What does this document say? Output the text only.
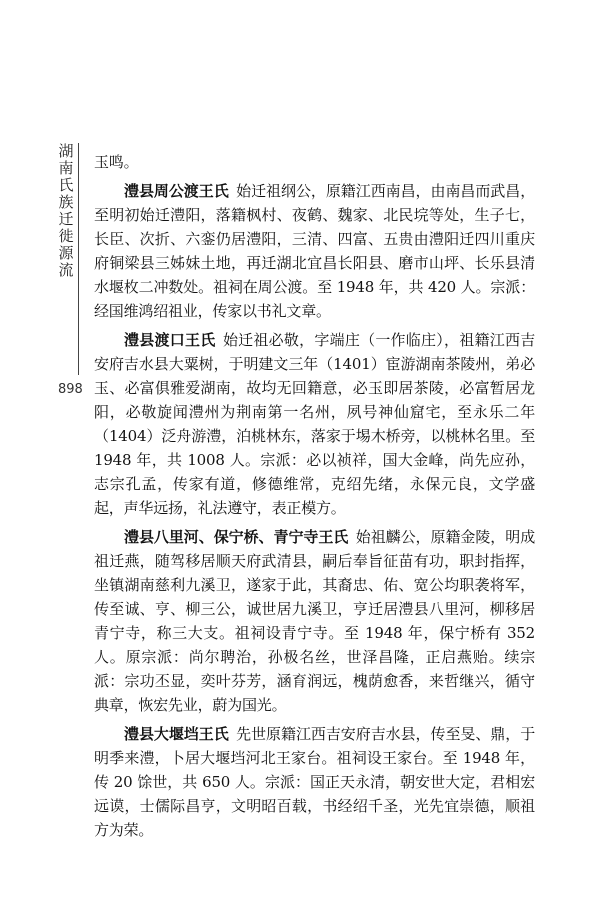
湖南氏族迁徙源流
898

玉鸣。

澧县周公渡王氏 始迁祖纲公，原籍江西南昌，由南昌而武昌，至明初始迁澧阳，落籍枫村、夜鹤、魏家、北民垸等处，生子七，长臣、次折、六銮仍居澧阳，三清、四富、五贵由澧阳迁四川重庆府铜梁县三姊妹土地，再迁湖北宜昌长阳县、磨市山坪、长乐县清水堰枚二冲数处。祖祠在周公渡。至 1948 年，共 420 人。宗派：经国维鸿绍祖业，传家以书礼文章。

澧县渡口王氏 始迁祖必敬，字端庄（一作临庄），祖籍江西吉安府吉水县大粟树，于明建文三年（1401）宦游湖南茶陵州，弟必玉、必富俱雅爱湖南，故均无回籍意，必玉即居茶陵，必富暂居龙阳，必敬旋闻澧州为荆南第一名州，夙号神仙窟宅，至永乐二年（1404）泛舟游澧，泊桃林东，落家于埸木桥旁，以桃林名里。至 1948 年，共 1008 人。宗派：必以祯祥，国大金峰，尚先应孙，志宗孔孟，传家有道，修德维常，克绍先绪，永保元良，文学盛起，声华远扬，礼法遵守，表正模方。

澧县八里河、保宁桥、青宁寺王氏 始祖麟公，原籍金陵，明成祖迁燕，随驾移居顺天府武清县，嗣后奉旨征苗有功，职封指挥，坐镇湖南慈利九溪卫，遂家于此，其裔忠、佑、宽公均职袭将军，传至诚、亨、柳三公，诚世居九溪卫，亨迁居澧县八里河，柳移居青宁寺，称三大支。祖祠设青宁寺。至 1948 年，保宁桥有 352 人。原宗派：尚尔聘治，孙极名丝，世泽昌隆，正启燕贻。续宗派：宗功丕显，奕叶芬芳，涵育润远，槐荫愈香，来哲继兴，循守典章，恢宏先业，蔚为国光。

澧县大堰垱王氏 先世原籍江西吉安府吉水县，传至旻、鼎，于明季来澧，卜居大堰垱河北王家台。祖祠设王家台。至 1948 年，传 20 馀世，共 650 人。宗派：国正天永清，朝安世大定，君相宏远谟，士儒际昌亨，文明昭百载，书经绍千圣，光先宜崇德，顺祖方为荣。
